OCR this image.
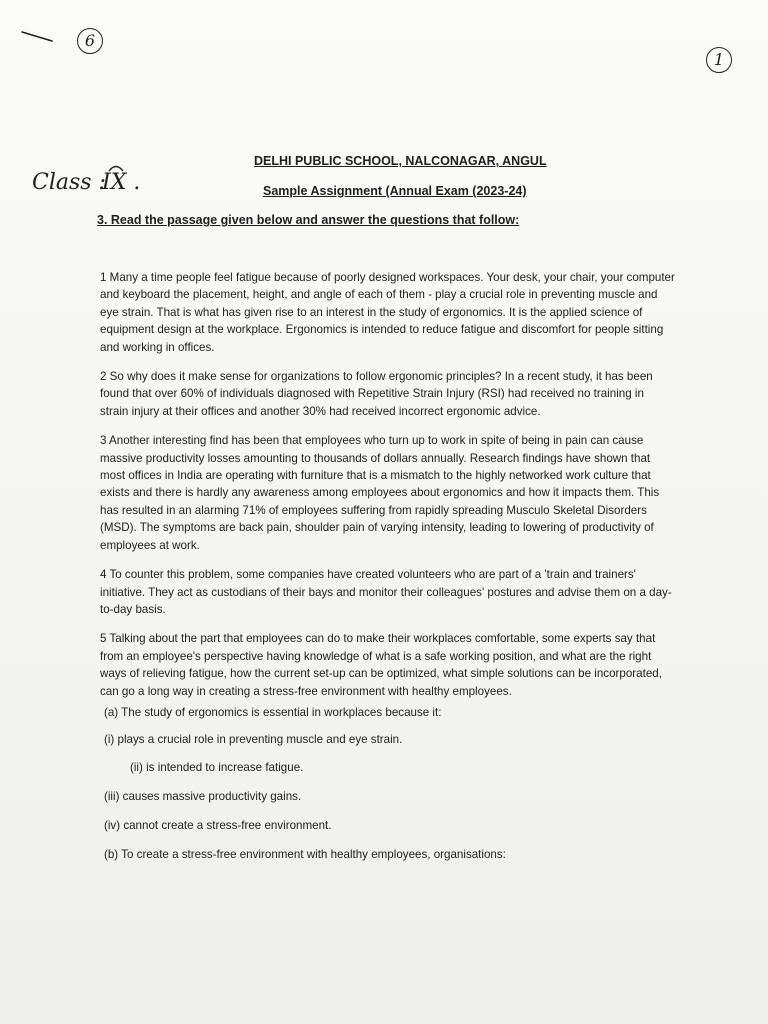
6
1
Class :
IX .
DELHI PUBLIC SCHOOL, NALCONAGAR, ANGUL
Sample Assignment (Annual Exam (2023-24)
3. Read the passage given below and answer the questions that follow:

1 Many a time people feel fatigue because of poorly designed workspaces. Your desk, your chair, your computer and keyboard the placement, height, and angle of each of them - play a crucial role in preventing muscle and eye strain. That is what has given rise to an interest in the study of ergonomics. It is the applied science of equipment design at the workplace. Ergonomics is intended to reduce fatigue and discomfort for people sitting and working in offices.

2 So why does it make sense for organizations to follow ergonomic principles? In a recent study, it has been found that over 60% of individuals diagnosed with Repetitive Strain Injury (RSI) had received no training in strain injury at their offices and another 30% had received incorrect ergonomic advice.

3 Another interesting find has been that employees who turn up to work in spite of being in pain can cause massive productivity losses amounting to thousands of dollars annually. Research findings have shown that most offices in India are operating with furniture that is a mismatch to the highly networked work culture that exists and there is hardly any awareness among employees about ergonomics and how it impacts them. This has resulted in an alarming 71% of employees suffering from rapidly spreading Musculo Skeletal Disorders (MSD). The symptoms are back pain, shoulder pain of varying intensity, leading to lowering of productivity of employees at work.

4 To counter this problem, some companies have created volunteers who are part of a 'train and trainers' initiative. They act as custodians of their bays and monitor their colleagues' postures and advise them on a day-to-day basis.

5 Talking about the part that employees can do to make their workplaces comfortable, some experts say that from an employee's perspective having knowledge of what is a safe working position, and what are the right ways of relieving fatigue, how the current set-up can be optimized, what simple solutions can be incorporated, can go a long way in creating a stress-free environment with healthy employees.

(a) The study of ergonomics is essential in workplaces because it:
(i) plays a crucial role in preventing muscle and eye strain.
(ii) is intended to increase fatigue.
(iii) causes massive productivity gains.
(iv) cannot create a stress-free environment.
(b) To create a stress-free environment with healthy employees, organisations:
